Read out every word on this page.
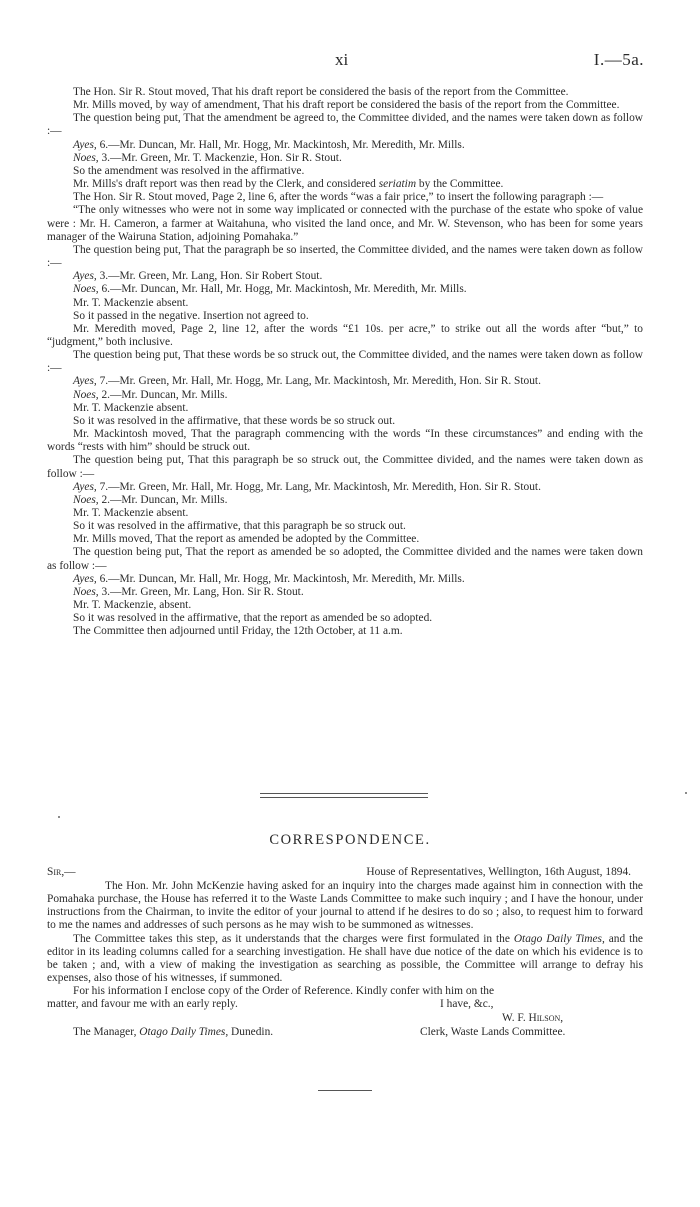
xi	I.—5a.

The Hon. Sir R. Stout moved, That his draft report be considered the basis of the report from the Committee.

Mr. Mills moved, by way of amendment, That his draft report be considered the basis of the report from the Committee.

The question being put, That the amendment be agreed to, the Committee divided, and the names were taken down as follow :—

Ayes, 6.—Mr. Duncan, Mr. Hall, Mr. Hogg, Mr. Mackintosh, Mr. Meredith, Mr. Mills.

Noes, 3.—Mr. Green, Mr. T. Mackenzie, Hon. Sir R. Stout.

So the amendment was resolved in the affirmative.

Mr. Mills's draft report was then read by the Clerk, and considered seriatim by the Committee.

The Hon. Sir R. Stout moved, Page 2, line 6, after the words “was a fair price,” to insert the following paragraph :—

“The only witnesses who were not in some way implicated or connected with the purchase of the estate who spoke of value were : Mr. H. Cameron, a farmer at Waitahuna, who visited the land once, and Mr. W. Stevenson, who has been for some years manager of the Wairuna Station, adjoining Pomahaka.”

The question being put, That the paragraph be so inserted, the Committee divided, and the names were taken down as follow :—

Ayes, 3.—Mr. Green, Mr. Lang, Hon. Sir Robert Stout.

Noes, 6.—Mr. Duncan, Mr. Hall, Mr. Hogg, Mr. Mackintosh, Mr. Meredith, Mr. Mills.

Mr. T. Mackenzie absent.

So it passed in the negative. Insertion not agreed to.

Mr. Meredith moved, Page 2, line 12, after the words “£1 10s. per acre,” to strike out all the words after “but,” to “judgment,” both inclusive.

The question being put, That these words be so struck out, the Committee divided, and the names were taken down as follow :—

Ayes, 7.—Mr. Green, Mr. Hall, Mr. Hogg, Mr. Lang, Mr. Mackintosh, Mr. Meredith, Hon. Sir R. Stout.

Noes, 2.—Mr. Duncan, Mr. Mills.

Mr. T. Mackenzie absent.

So it was resolved in the affirmative, that these words be so struck out.

Mr. Mackintosh moved, That the paragraph commencing with the words “In these circumstances” and ending with the words “rests with him” should be struck out.

The question being put, That this paragraph be so struck out, the Committee divided, and the names were taken down as follow :—

Ayes, 7.—Mr. Green, Mr. Hall, Mr. Hogg, Mr. Lang, Mr. Mackintosh, Mr. Meredith, Hon. Sir R. Stout.

Noes, 2.—Mr. Duncan, Mr. Mills.

Mr. T. Mackenzie absent.

So it was resolved in the affirmative, that this paragraph be so struck out.

Mr. Mills moved, That the report as amended be adopted by the Committee.

The question being put, That the report as amended be so adopted, the Committee divided and the names were taken down as follow :—

Ayes, 6.—Mr. Duncan, Mr. Hall, Mr. Hogg, Mr. Mackintosh, Mr. Meredith, Mr. Mills.

Noes, 3.—Mr. Green, Mr. Lang, Hon. Sir R. Stout.

Mr. T. Mackenzie, absent.

So it was resolved in the affirmative, that the report as amended be so adopted.

The Committee then adjourned until Friday, the 12th October, at 11 a.m.

CORRESPONDENCE.
Sir,—	House of Representatives, Wellington, 16th August, 1894.

The Hon. Mr. John McKenzie having asked for an inquiry into the charges made against him in connection with the Pomahaka purchase, the House has referred it to the Waste Lands Committee to make such inquiry ; and I have the honour, under instructions from the Chairman, to invite the editor of your journal to attend if he desires to do so ; also, to request him to forward to me the names and addresses of such persons as he may wish to be summoned as witnesses.

The Committee takes this step, as it understands that the charges were first formulated in the Otago Daily Times, and the editor in its leading columns called for a searching investigation. He shall have due notice of the date on which his evidence is to be taken ; and, with a view of making the investigation as searching as possible, the Committee will arrange to defray his expenses, also those of his witnesses, if summoned.

For his information I enclose copy of the Order of Reference. Kindly confer with him on the

matter, and favour me with an early reply.	I have, &c.,
W. F. Hilson,
The Manager, Otago Daily Times, Dunedin.	Clerk, Waste Lands Committee.
